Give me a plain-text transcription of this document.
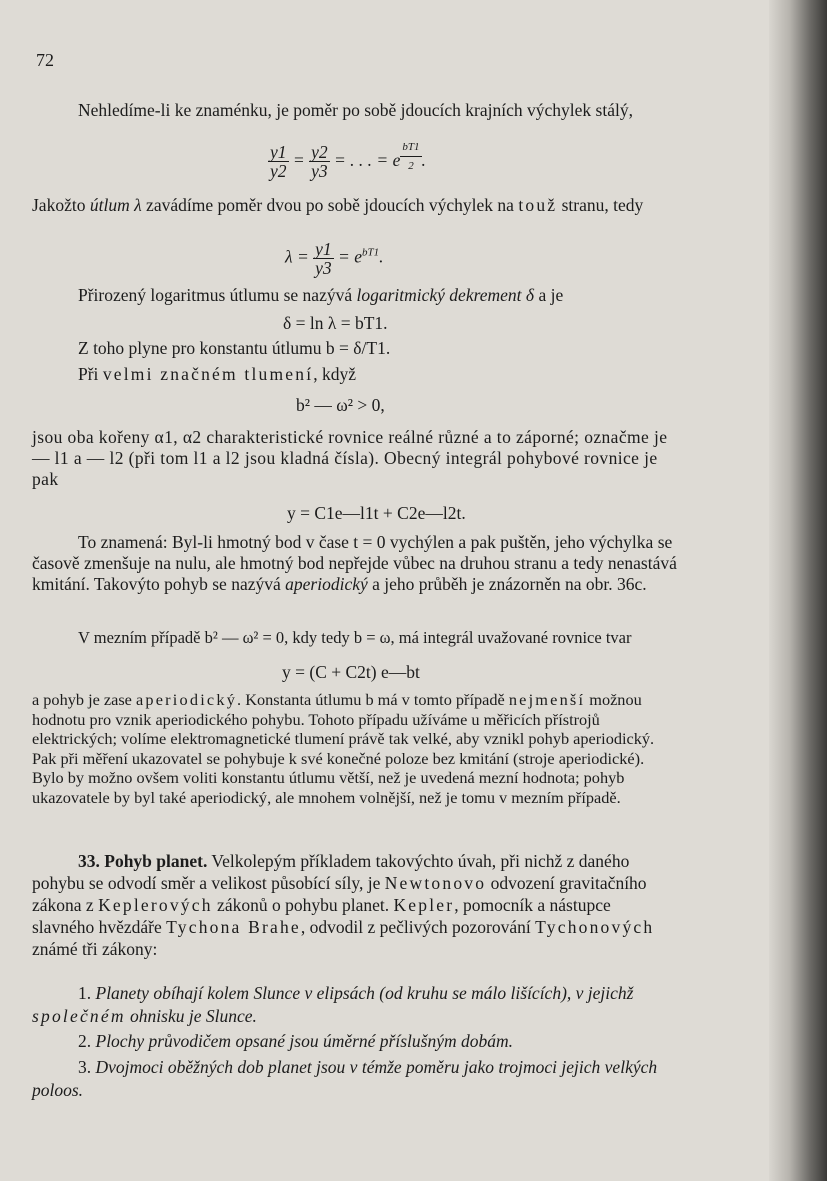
72
Nehledíme-li ke znaménku, je poměr po sobě jdoucích krajních výchylek stálý,
$\frac{y1}{y2} = \frac{y2}{y3}$ = . . . = e $^{\frac{bT1}{2}}$ .
Jakožto útlum λ zavádíme poměr dvou po sobě jdoucích výchylek na touž stranu, tedy
$\lambda = \frac{y1}{y3} = e^{bT1}$.
Přirozený logaritmus útlumu se nazývá logaritmický dekrement δ a je
δ = ln λ = bT1.
Z toho plyne pro konstantu útlumu b = δ/T1.
Při velmi značném tlumení, když
b² — ω² > 0,
jsou oba kořeny α1, α2 charakteristické rovnice reálné různé a to záporné; označme je — l1 a — l2 (při tom l1 a l2 jsou kladná čísla). Obecný integrál pohybové rovnice je pak
y = C1e—l1t + C2e—l2t.
To znamená: Byl-li hmotný bod v čase t = 0 vychýlen a pak puštěn, jeho výchylka se časově zmenšuje na nulu, ale hmotný bod nepřejde vůbec na druhou stranu a tedy nenastává kmitání. Takovýto pohyb se nazývá aperiodický a jeho průběh je znázorněn na obr. 36c.
V mezním případě b² — ω² = 0, kdy tedy b = ω, má integrál uvažované rovnice tvar
y = (C + C2t) e—bt
a pohyb je zase aperiodický. Konstanta útlumu b má v tomto případě nejmenší možnou hodnotu pro vznik aperiodického pohybu. Tohoto případu užíváme u měřicích přístrojů elektrických; volíme elektromagnetické tlumení právě tak velké, aby vznikl pohyb aperiodický. Pak při měření ukazovatel se pohybuje k své konečné poloze bez kmitání (stroje aperiodické). Bylo by možno ovšem voliti konstantu útlumu větší, než je uvedená mezní hodnota; pohyb ukazovatele by byl také aperiodický, ale mnohem volnější, než je tomu v mezním případě.
33. Pohyb planet. Velkolepým příkladem takovýchto úvah, při nichž z daného pohybu se odvodí směr a velikost působící síly, je Newtonovo odvození gravitačního zákona z Keplerových zákonů o pohybu planet. Kepler, pomocník a nástupce slavného hvězdáře Tychona Brahe, odvodil z pečlivých pozorování Tychonových známé tři zákony:
1. Planety obíhají kolem Slunce v elipsách (od kruhu se málo lišících), v jejichž společném ohnisku je Slunce.
2. Plochy průvodičem opsané jsou úměrné příslušným dobám.
3. Dvojmoci oběžných dob planet jsou v témže poměru jako trojmoci jejich velkých poloos.
